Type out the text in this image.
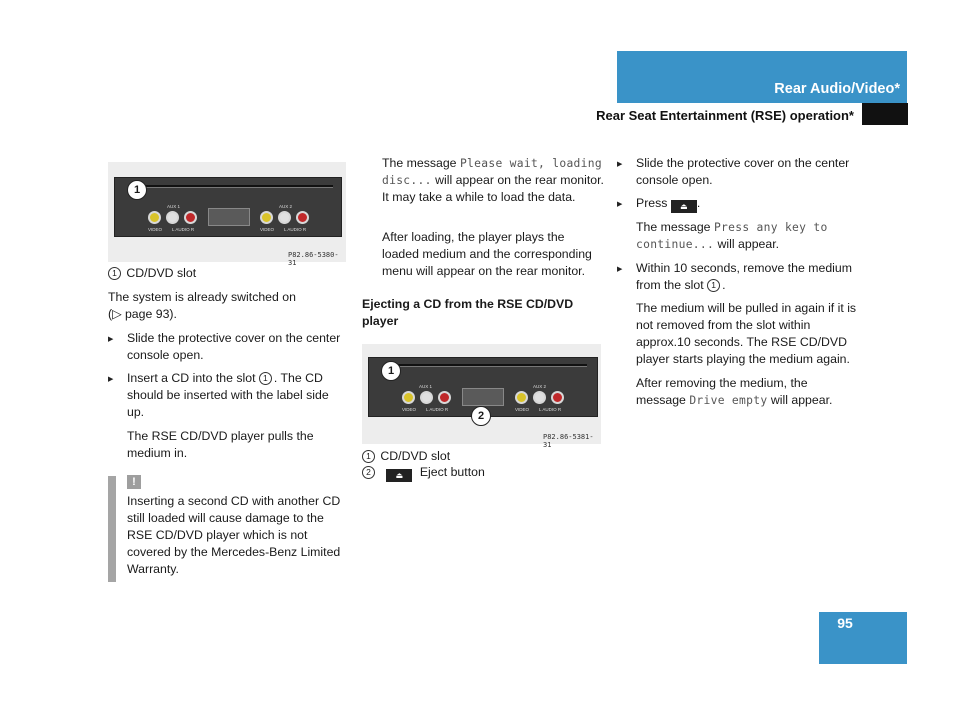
Rear Audio/Video*
Rear Seat Entertainment (RSE) operation*
AUX 1	AUX 2
VIDEO L AUDIO R	VIDEO L AUDIO R
1
P82.86-5380-31
1 CD/DVD slot
The system is already switched on
(▷ page 93).
▶ Slide the protective cover on the center console open.
▶ Insert a CD into the slot 1 . The CD should be inserted with the label side up.
The RSE CD/DVD player pulls the medium in.
!
Inserting a second CD with another CD still loaded will cause damage to the RSE CD/DVD player which is not covered by the Mercedes-Benz Limited Warranty.
The message Please wait, loading disc... will appear on the rear monitor. It may take a while to load the data.
After loading, the player plays the loaded medium and the corresponding menu will appear on the rear monitor.
Ejecting a CD from the RSE CD/DVD player
AUX 1	AUX 2
VIDEO L AUDIO R	VIDEO L AUDIO R
1
2
P82.86-5381-31
1 CD/DVD slot
2	⏏ Eject button
▶ Slide the protective cover on the center console open.
▶ Press ⏏ .
The message Press any key to continue... will appear.
▶ Within 10 seconds, remove the medium from the slot 1 .
The medium will be pulled in again if it is not removed from the slot within approx.10 seconds. The RSE CD/DVD player starts playing the medium again.
After removing the medium, the message Drive empty will appear.
95
